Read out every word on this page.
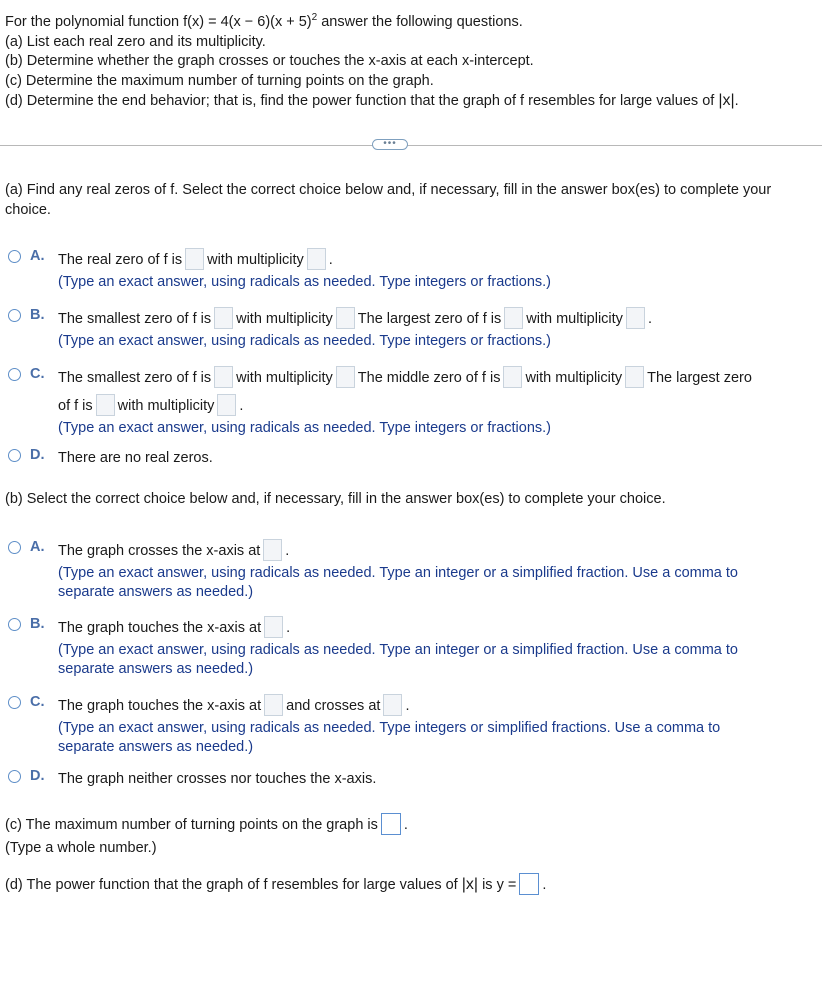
For the polynomial function $f(x) = 4(x - 6)(x + 5)^2$ answer the following questions.
(a) List each real zero and its multiplicity.
(b) Determine whether the graph crosses or touches the x-axis at each x-intercept.
(c) Determine the maximum number of turning points on the graph.
(d) Determine the end behavior; that is, find the power function that the graph of f resembles for large values of |x|.
•••
(a) Find any real zeros of f. Select the correct choice below and, if necessary, fill in the answer box(es) to complete your choice.
A. The real zero of f is with multiplicity .
(Type an exact answer, using radicals as needed. Type integers or fractions.)
B. The smallest zero of f is with multiplicity The largest zero of f is with multiplicity .
(Type an exact answer, using radicals as needed. Type integers or fractions.)
C. The smallest zero of f is with multiplicity The middle zero of f is with multiplicity The largest zero
of f is with multiplicity .
(Type an exact answer, using radicals as needed. Type integers or fractions.)
D. There are no real zeros.
(b) Select the correct choice below and, if necessary, fill in the answer box(es) to complete your choice.
A. The graph crosses the x-axis at .
(Type an exact answer, using radicals as needed. Type an integer or a simplified fraction. Use a comma to
separate answers as needed.)
B. The graph touches the x-axis at .
(Type an exact answer, using radicals as needed. Type an integer or a simplified fraction. Use a comma to
separate answers as needed.)
C. The graph touches the x-axis at and crosses at .
(Type an exact answer, using radicals as needed. Type integers or simplified fractions. Use a comma to
separate answers as needed.)
D. The graph neither crosses nor touches the x-axis.
(c) The maximum number of turning points on the graph is .
(Type a whole number.)
(d) The power function that the graph of f resembles for large values of |x| is y = .
